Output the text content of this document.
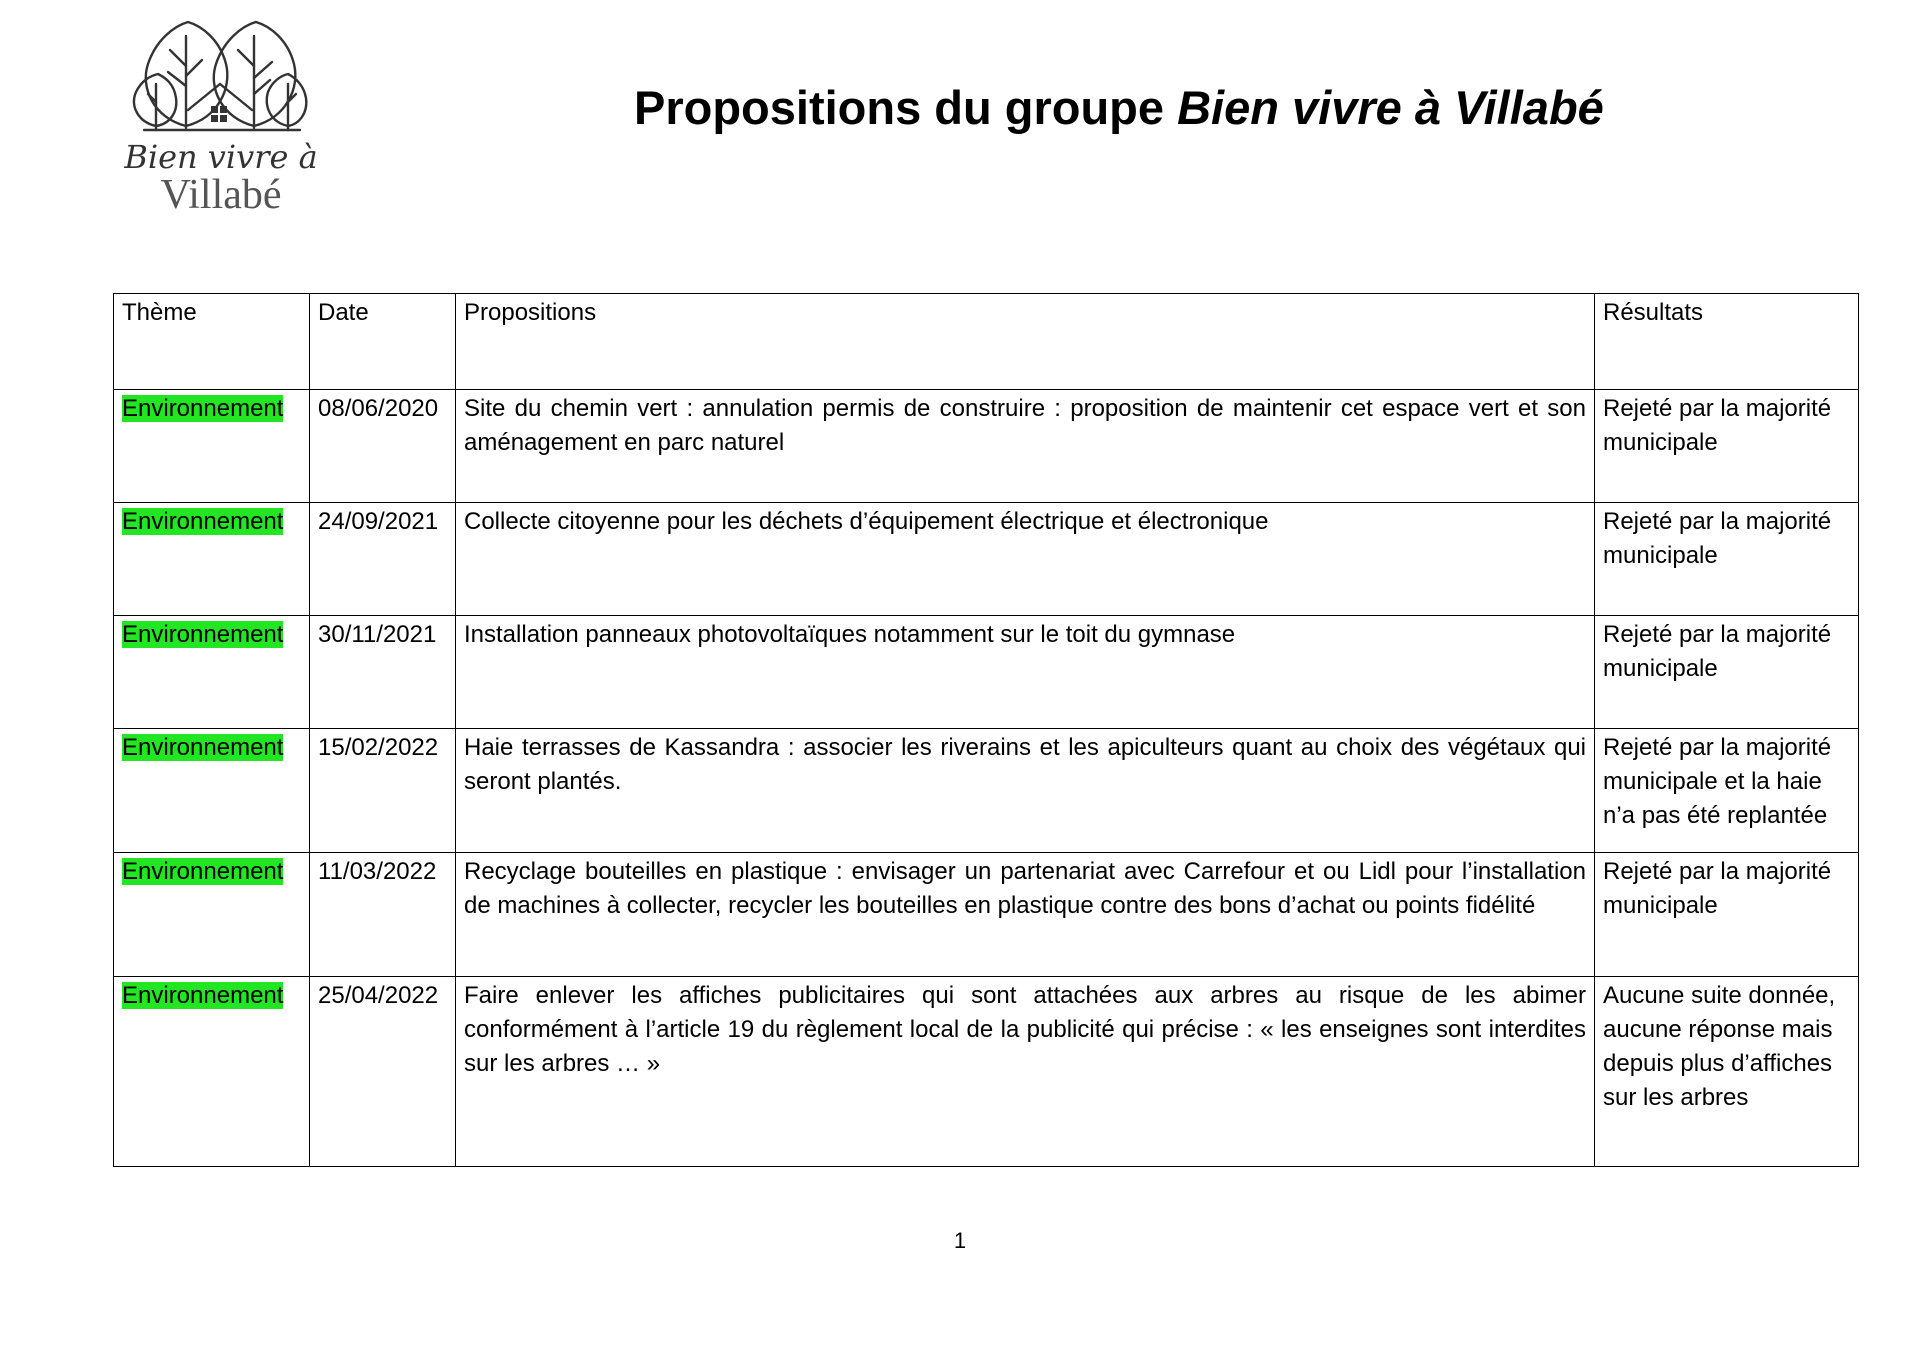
Bien vivre à
Villabé
Propositions du groupe Bien vivre à Villabé
Thème	Date	Propositions	Résultats
Environnement	08/06/2020	Site du chemin vert : annulation permis de construire : proposition de maintenir cet espace vert et son aménagement en parc naturel	Rejeté par la majorité municipale
Environnement	24/09/2021	Collecte citoyenne pour les déchets d’équipement électrique et électronique	Rejeté par la majorité municipale
Environnement	30/11/2021	Installation panneaux photovoltaïques notamment sur le toit du gymnase	Rejeté par la majorité municipale
Environnement	15/02/2022	Haie terrasses de Kassandra : associer les riverains et les apiculteurs quant au choix des végétaux qui seront plantés.	Rejeté par la majorité municipale et la haie n’a pas été replantée
Environnement	11/03/2022	Recyclage bouteilles en plastique : envisager un partenariat avec Carrefour et ou Lidl pour l’installation de machines à collecter, recycler les bouteilles en plastique contre des bons d’achat ou points fidélité	Rejeté par la majorité municipale
Environnement	25/04/2022	Faire enlever les affiches publicitaires qui sont attachées aux arbres au risque de les abimer conformément à l’article 19 du règlement local de la publicité qui précise : « les enseignes sont interdites sur les arbres … »	Aucune suite donnée, aucune réponse mais depuis plus d’affiches sur les arbres
1
